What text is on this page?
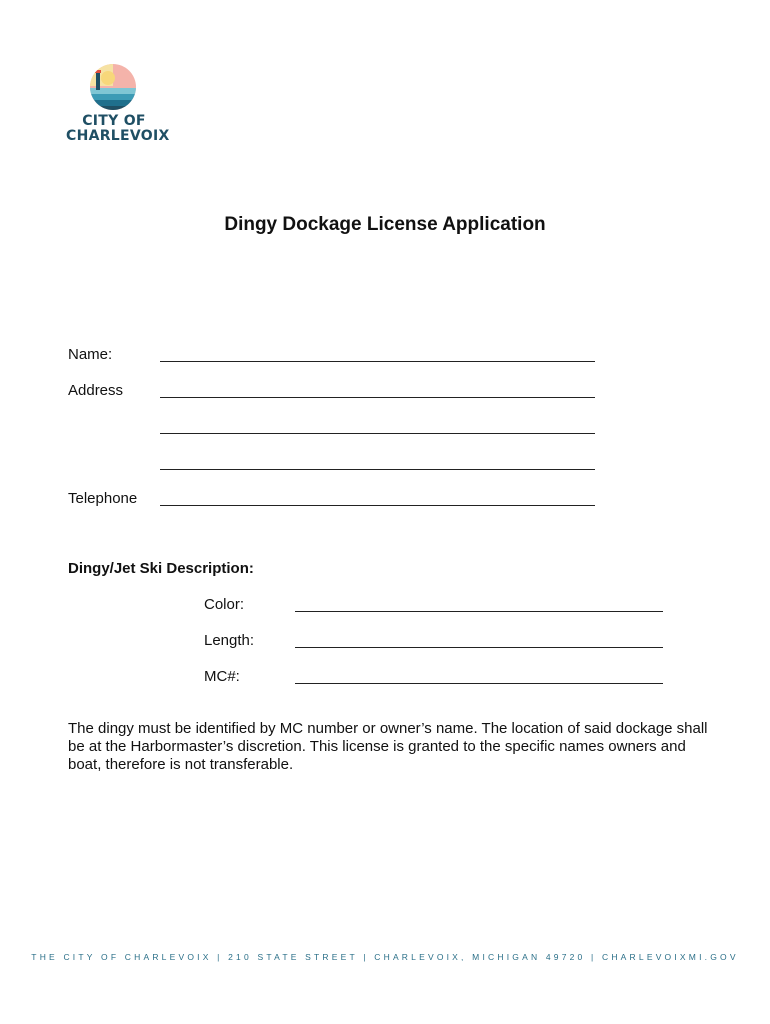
CITY OF
CHARLEVOIX
Dingy Dockage License Application
Name:
Address
Telephone
Dingy/Jet Ski Description:
Color:
Length:
MC#:
The dingy must be identified by MC number or owner’s name. The location of said dockage shall be at the Harbormaster’s discretion. This license is granted to the specific names owners and boat, therefore is not transferable.
THE CITY OF CHARLEVOIX | 210 STATE STREET | CHARLEVOIX, MICHIGAN 49720 | CHARLEVOIXMI.GOV
